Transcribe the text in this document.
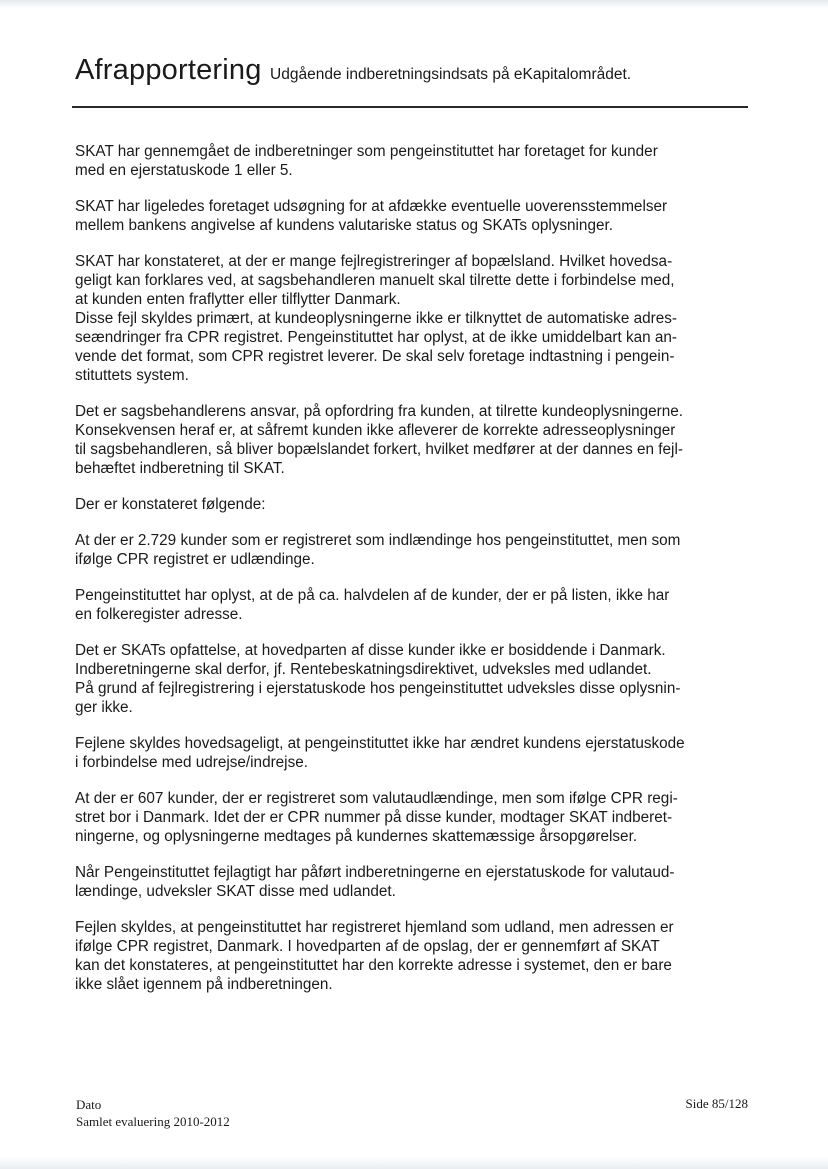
Afrapportering Udgående indberetningsindsats på eKapitalområdet.

SKAT har gennemgået de indberetninger som pengeinstituttet har foretaget for kunder
med en ejerstatuskode 1 eller 5.

SKAT har ligeledes foretaget udsøgning for at afdække eventuelle uoverensstemmelser
mellem bankens angivelse af kundens valutariske status og SKATs oplysninger.

SKAT har konstateret, at der er mange fejlregistreringer af bopælsland. Hvilket hovedsa-
geligt kan forklares ved, at sagsbehandleren manuelt skal tilrette dette i forbindelse med,
at kunden enten fraflytter eller tilflytter Danmark.
Disse fejl skyldes primært, at kundeoplysningerne ikke er tilknyttet de automatiske adres-
seændringer fra CPR registret. Pengeinstituttet har oplyst, at de ikke umiddelbart kan an-
vende det format, som CPR registret leverer. De skal selv foretage indtastning i pengein-
stituttets system.

Det er sagsbehandlerens ansvar, på opfordring fra kunden, at tilrette kundeoplysningerne.
Konsekvensen heraf er, at såfremt kunden ikke afleverer de korrekte adresseoplysninger
til sagsbehandleren, så bliver bopælslandet forkert, hvilket medfører at der dannes en fejl-
behæftet indberetning til SKAT.

Der er konstateret følgende:

At der er 2.729 kunder som er registreret som indlændinge hos pengeinstituttet, men som
ifølge CPR registret er udlændinge.

Pengeinstituttet har oplyst, at de på ca. halvdelen af de kunder, der er på listen, ikke har
en folkeregister adresse.

Det er SKATs opfattelse, at hovedparten af disse kunder ikke er bosiddende i Danmark.
Indberetningerne skal derfor, jf. Rentebeskatningsdirektivet, udveksles med udlandet.
På grund af fejlregistrering i ejerstatuskode hos pengeinstituttet udveksles disse oplysnin-
ger ikke.

Fejlene skyldes hovedsageligt, at pengeinstituttet ikke har ændret kundens ejerstatuskode
i forbindelse med udrejse/indrejse.

At der er 607 kunder, der er registreret som valutaudlændinge, men som ifølge CPR regi-
stret bor i Danmark. Idet der er CPR nummer på disse kunder, modtager SKAT indberet-
ningerne, og oplysningerne medtages på kundernes skattemæssige årsopgørelser.

Når Pengeinstituttet fejlagtigt har påført indberetningerne en ejerstatuskode for valutaud-
lændinge, udveksler SKAT disse med udlandet.

Fejlen skyldes, at pengeinstituttet har registreret hjemland som udland, men adressen er
ifølge CPR registret, Danmark. I hovedparten af de opslag, der er gennemført af SKAT
kan det konstateres, at pengeinstituttet har den korrekte adresse i systemet, den er bare
ikke slået igennem på indberetningen.

Dato
Samlet evaluering 2010-2012
Side 85/128
